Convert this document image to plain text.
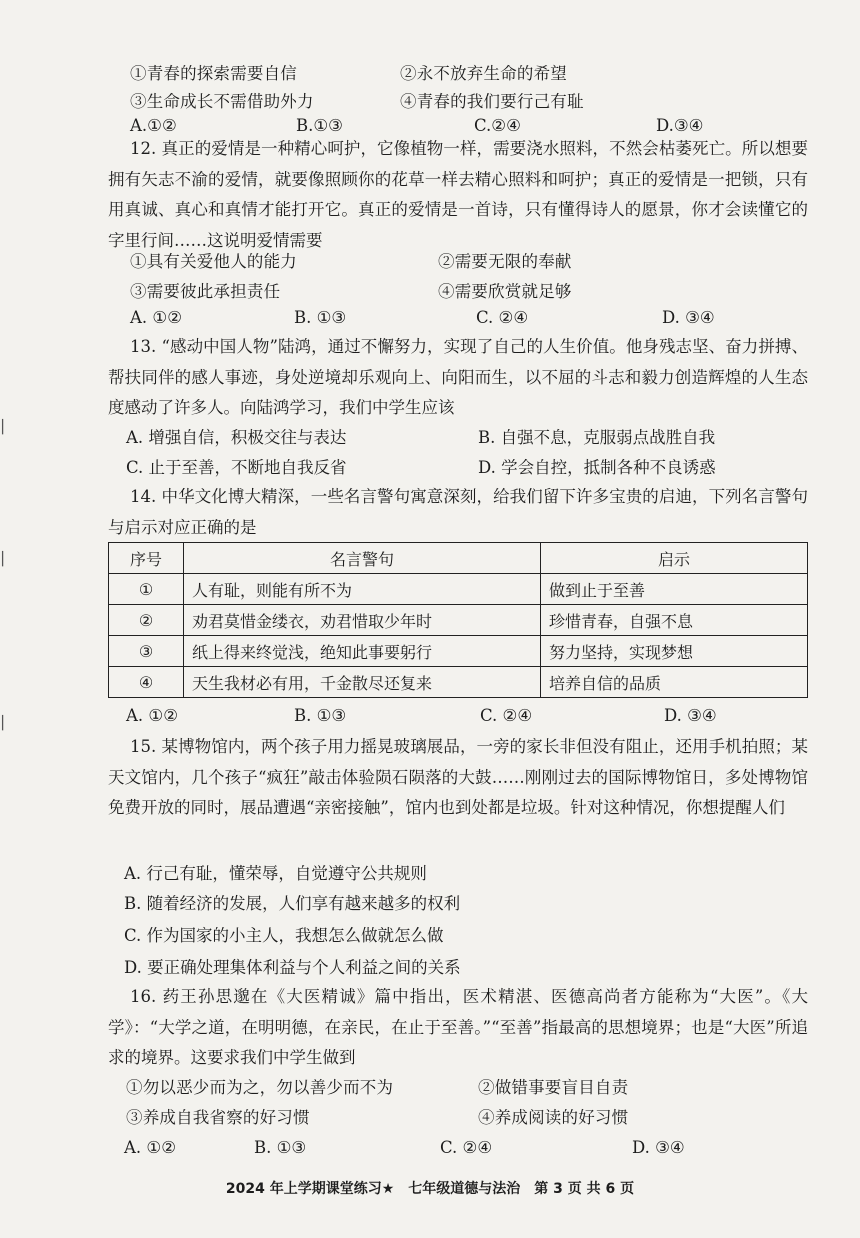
▏
▏
▏
①青春的探索需要自信	②永不放弃生命的希望
③生命成长不需借助外力	④青春的我们要行己有耻
A.①②	B.①③	C.②④	D.③④
12. 真正的爱情是一种精心呵护，它像植物一样，需要浇水照料，不然会枯萎死亡。所以想要拥有矢志不渝的爱情，就要像照顾你的花草一样去精心照料和呵护；真正的爱情是一把锁，只有用真诚、真心和真情才能打开它。真正的爱情是一首诗，只有懂得诗人的愿景，你才会读懂它的字里行间……这说明爱情需要
①具有关爱他人的能力	②需要无限的奉献
③需要彼此承担责任	④需要欣赏就足够
A. ①②	B. ①③	C. ②④	D. ③④
13. “感动中国人物”陆鸿，通过不懈努力，实现了自己的人生价值。他身残志坚、奋力拼搏、帮扶同伴的感人事迹，身处逆境却乐观向上、向阳而生，以不屈的斗志和毅力创造辉煌的人生态度感动了许多人。向陆鸿学习，我们中学生应该
A. 增强自信，积极交往与表达	B. 自强不息，克服弱点战胜自我
C. 止于至善，不断地自我反省	D. 学会自控，抵制各种不良诱惑
14. 中华文化博大精深，一些名言警句寓意深刻，给我们留下许多宝贵的启迪，下列名言警句与启示对应正确的是
序号	名言警句	启示
①	人有耻，则能有所不为	做到止于至善
②	劝君莫惜金缕衣，劝君惜取少年时	珍惜青春，自强不息
③	纸上得来终觉浅，绝知此事要躬行	努力坚持，实现梦想
④	天生我材必有用，千金散尽还复来	培养自信的品质
A. ①②	B. ①③	C. ②④	D. ③④
15. 某博物馆内，两个孩子用力摇晃玻璃展品，一旁的家长非但没有阻止，还用手机拍照；某天文馆内，几个孩子“疯狂”敲击体验陨石陨落的大鼓……刚刚过去的国际博物馆日，多处博物馆免费开放的同时，展品遭遇“亲密接触”，馆内也到处都是垃圾。针对这种情况，你想提醒人们
A. 行己有耻，懂荣辱，自觉遵守公共规则
B. 随着经济的发展，人们享有越来越多的权利
C. 作为国家的小主人，我想怎么做就怎么做
D. 要正确处理集体利益与个人利益之间的关系
16. 药王孙思邈在《大医精诚》篇中指出，医术精湛、医德高尚者方能称为“大医”。《大学》：“大学之道，在明明德，在亲民，在止于至善。”“至善”指最高的思想境界；也是“大医”所追求的境界。这要求我们中学生做到
①勿以恶少而为之，勿以善少而不为	②做错事要盲目自责
③养成自我省察的好习惯	④养成阅读的好习惯
A. ①②	B. ①③	C. ②④	D. ③④
2024 年上学期课堂练习★　七年级道德与法治　第 3 页 共 6 页
